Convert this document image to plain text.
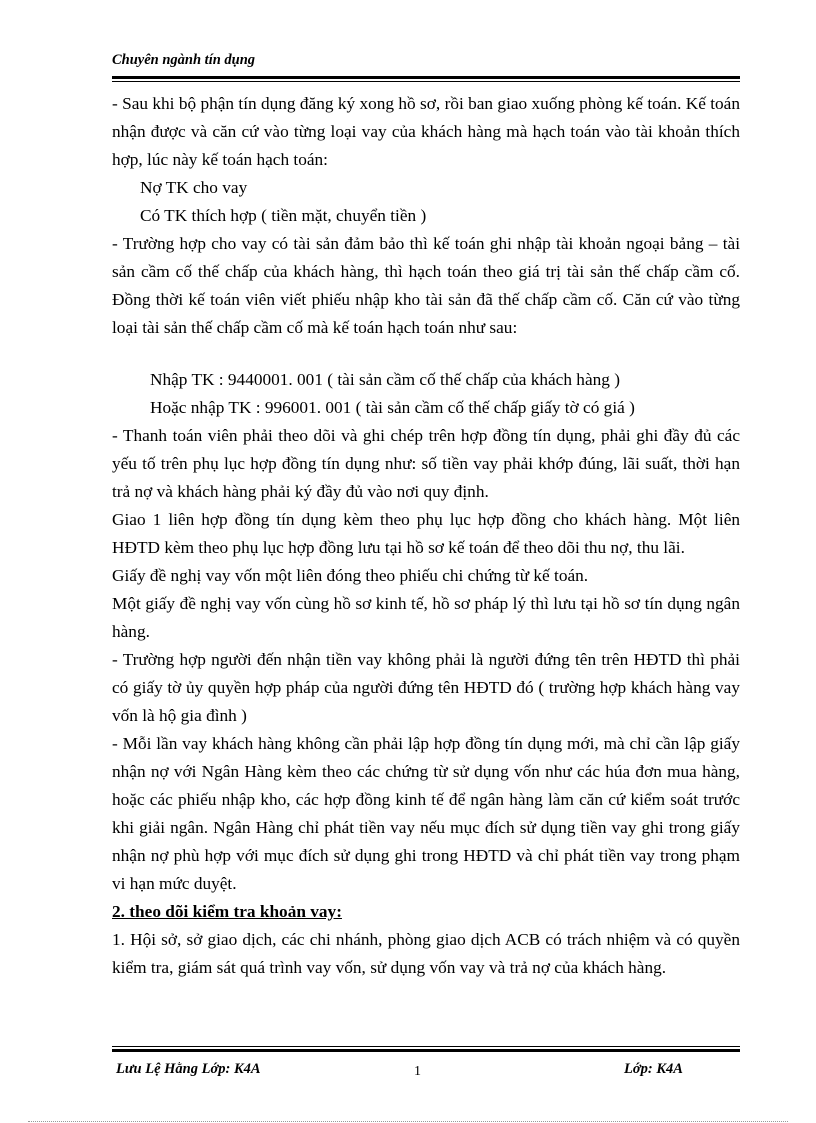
Chuyên ngành tín dụng

- Sau khi bộ phận tín dụng đăng ký xong hồ sơ, rồi ban giao xuống phòng kế toán. Kế toán nhận được và căn cứ vào từng loại vay của khách hàng mà hạch toán vào tài khoản thích hợp, lúc này kế toán hạch toán:

Nợ TK cho vay

Có TK thích hợp ( tiền mặt, chuyển tiền )

- Trường hợp cho vay có tài sản đảm bảo thì kế toán ghi nhập tài khoản ngoại bảng – tài sản cầm cố thế chấp của khách hàng, thì hạch toán theo giá trị tài sản thế chấp cầm cố. Đồng thời kế toán viên viết phiếu nhập kho tài sản đã thế chấp cầm cố. Căn cứ vào từng loại tài sản thế chấp cầm cố mà kế toán hạch toán như sau:

Nhập TK : 9440001. 001 ( tài sản cầm cố thế chấp của khách hàng )

Hoặc nhập TK : 996001. 001 ( tài sản cầm cố thế chấp giấy tờ có giá )

- Thanh toán viên phải theo dõi và ghi chép trên hợp đồng tín dụng, phải ghi đầy đủ các yếu tố trên phụ lục hợp đồng tín dụng như: số tiền vay phải khớp đúng, lãi suất, thời hạn trả nợ và khách hàng phải ký đầy đủ vào nơi quy định.

Giao 1 liên hợp đồng tín dụng kèm theo phụ lục hợp đồng cho khách hàng. Một liên HĐTD kèm theo phụ lục hợp đồng lưu tại hồ sơ kế toán để theo dõi thu nợ, thu lãi.

Giấy đề nghị vay vốn một liên đóng theo phiếu chi chứng từ kế toán.

Một giấy đề nghị vay vốn cùng hồ sơ kinh tế, hồ sơ pháp lý thì lưu tại hồ sơ tín dụng ngân hàng.

- Trường hợp người đến nhận tiền vay không phải là người đứng tên trên HĐTD thì phải có giấy tờ ủy quyền hợp pháp của người đứng tên HĐTD đó ( trường hợp khách hàng vay vốn là hộ gia đình )

- Mỗi lần vay khách hàng không cần phải lập hợp đồng tín dụng mới, mà chỉ cần lập giấy nhận nợ với Ngân Hàng kèm theo các chứng từ sử dụng vốn như các húa đơn mua hàng, hoặc các phiếu nhập kho, các hợp đồng kinh tế để ngân hàng làm căn cứ kiểm soát trước khi giải ngân. Ngân Hàng chỉ phát tiền vay nếu mục đích sử dụng tiền vay ghi trong giấy nhận nợ phù hợp với mục đích sử dụng ghi trong HĐTD và chỉ phát tiền vay trong phạm vi hạn mức duyệt.

2. theo dõi kiểm tra khoản vay:

1. Hội sở, sở giao dịch, các chi nhánh, phòng giao dịch ACB có trách nhiệm và có quyền kiểm tra, giám sát quá trình vay vốn, sử dụng vốn vay và trả nợ của khách hàng.

Lưu Lệ Hằng Lớp: K4A	1	Lớp: K4A
